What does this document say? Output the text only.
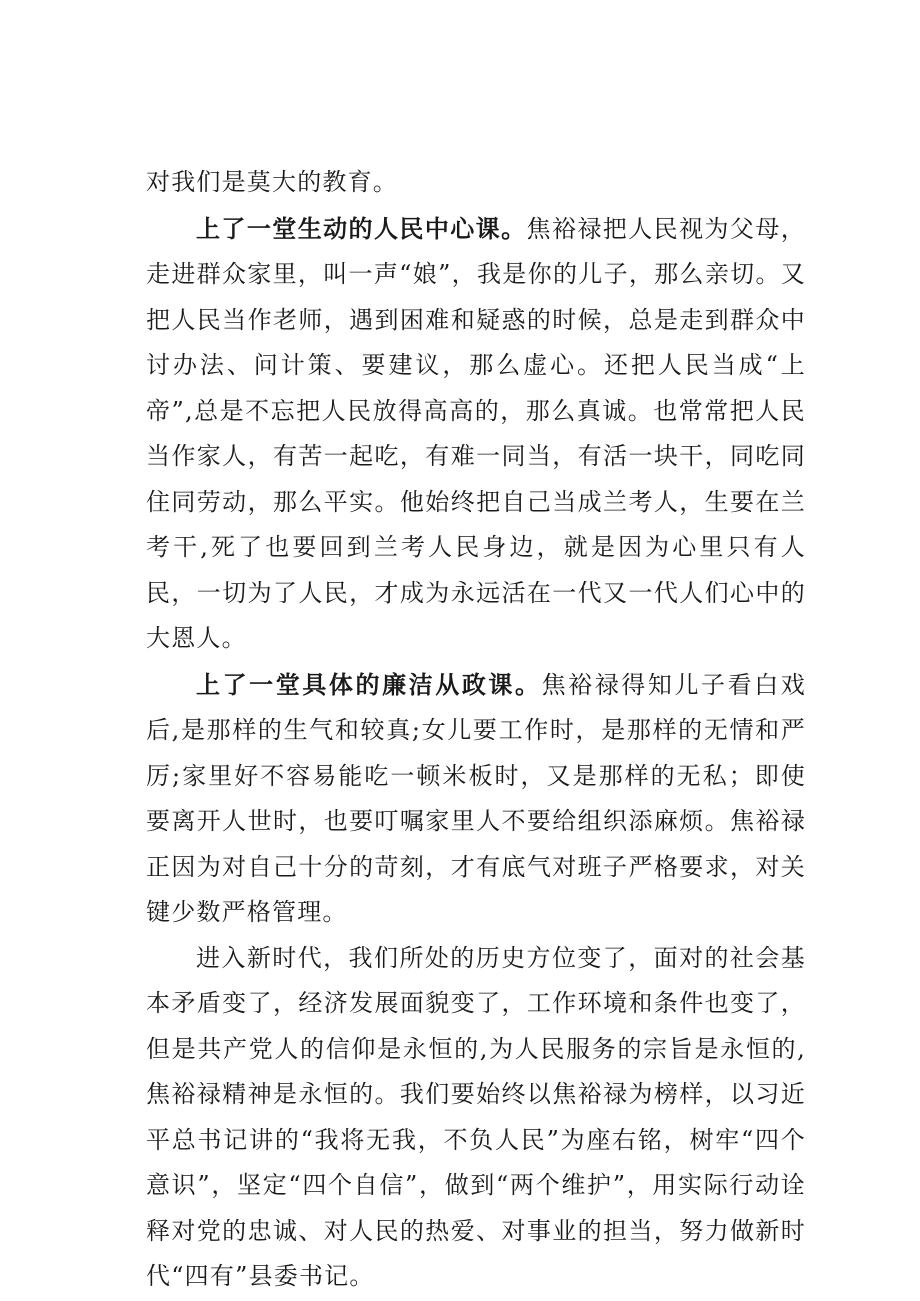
对我们是莫大的教育。

上了一堂生动的人民中心课。焦裕禄把人民视为父母，走进群众家里，叫一声“娘”，我是你的儿子，那么亲切。又把人民当作老师，遇到困难和疑惑的时候，总是走到群众中讨办法、问计策、要建议，那么虚心。还把人民当成“上帝”,总是不忘把人民放得高高的，那么真诚。也常常把人民当作家人，有苦一起吃，有难一同当，有活一块干，同吃同住同劳动，那么平实。他始终把自己当成兰考人，生要在兰考干,死了也要回到兰考人民身边，就是因为心里只有人民，一切为了人民，才成为永远活在一代又一代人们心中的大恩人。

上了一堂具体的廉洁从政课。焦裕禄得知儿子看白戏后,是那样的生气和较真;女儿要工作时，是那样的无情和严厉;家里好不容易能吃一顿米板时，又是那样的无私；即使要离开人世时，也要叮嘱家里人不要给组织添麻烦。焦裕禄正因为对自己十分的苛刻，才有底气对班子严格要求，对关键少数严格管理。

进入新时代，我们所处的历史方位变了，面对的社会基本矛盾变了，经济发展面貌变了，工作环境和条件也变了，但是共产党人的信仰是永恒的,为人民服务的宗旨是永恒的,焦裕禄精神是永恒的。我们要始终以焦裕禄为榜样，以习近平总书记讲的“我将无我，不负人民”为座右铭，树牢“四个意识”，坚定“四个自信”，做到“两个维护”，用实际行动诠释对党的忠诚、对人民的热爱、对事业的担当，努力做新时代“四有”县委书记。
